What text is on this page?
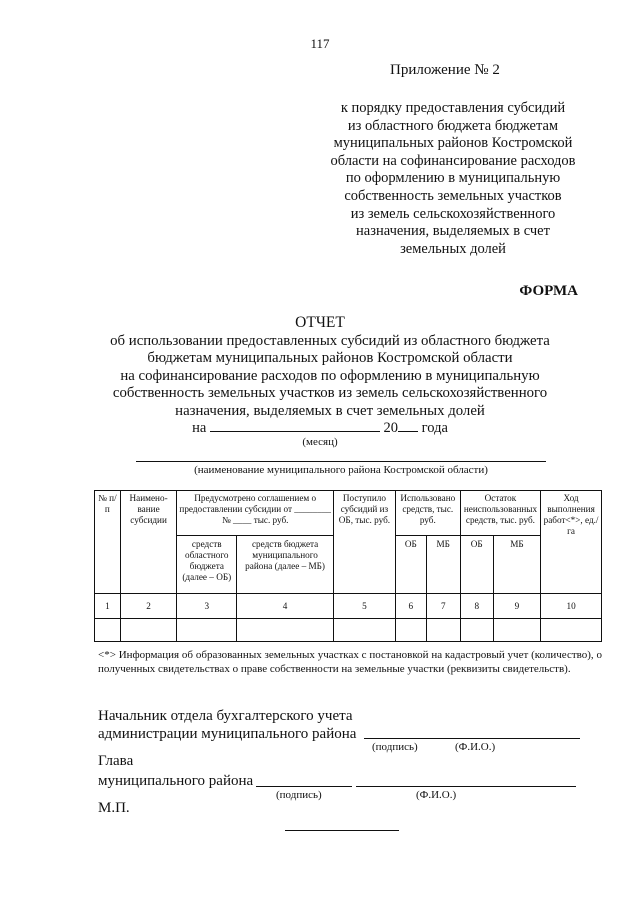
117
Приложение № 2
к порядку предоставления субсидий
из областного бюджета бюджетам
муниципальных районов Костромской
области на софинансирование расходов
по оформлению в муниципальную
собственность земельных участков
из земель сельскохозяйственного
назначения, выделяемых в счет
земельных долей
ФОРМА
ОТЧЕТ
об использовании предоставленных субсидий из областного бюджета
бюджетам муниципальных районов Костромской области
на софинансирование расходов по оформлению в муниципальную
собственность земельных участков из земель сельскохозяйственного
назначения, выделяемых в счет земельных долей
на	20 года
(месяц)
(наименование муниципального района Костромской области)
№ п/п	Наимено-вание субсидии	Предусмотрено соглашением о предоставлении субсидии от ________ № ____ тыс. руб.		Поступило субсидий из ОБ, тыс. руб.	Использовано средств, тыс. руб.		Остаток неиспользованных средств, тыс. руб.		Ход выполнения работ<*>, ед./га
		средств областного бюджета (далее – ОБ)	средств бюджета муниципального района (далее – МБ)		ОБ	МБ	ОБ	МБ	
1	2	3	4	5	6	7	8	9	10

<*> Информация об образованных земельных участках с постановкой на кадастровый учет (количество), о полученных свидетельствах о праве собственности на земельные участки (реквизиты свидетельств).
Начальник отдела бухгалтерского учета
администрации муниципального района
(подпись)	(Ф.И.О.)
Глава
муниципального района
(подпись)	(Ф.И.О.)
М.П.
